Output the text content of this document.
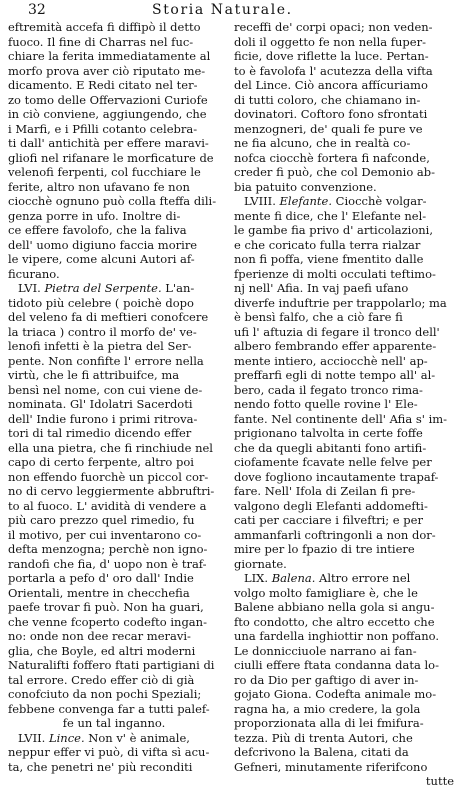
32	Storia Naturale.
eftremità accefa fi diffipò il detto
fuoco. Il fine di Charras nel fuc-
chiare la ferita immediatamente al
morfo prova aver ciò riputato me-
dicamento. E Redi citato nel ter-
zo tomo delle Offervazioni Curiofe
in ciò conviene, aggiungendo, che
i Marfi, e i Pfilli cotanto celebra-
ti dall' antichità per effere maravi-
gliofi nel rifanare le morficature de
velenofi ferpenti, col fucchiare le
ferite, altro non ufavano fe non
ciocchè ognuno può colla fteffa dili-
genza porre in ufo. Inoltre di-
ce effere favolofo, che la faliva
dell' uomo digiuno faccia morire
le vipere, come alcuni Autori af-
ficurano.
LVI. Pietra del Serpente. L'an-
tidoto più celebre ( poichè dopo
del veleno fa di meftieri conofcere
la triaca ) contro il morfo de' ve-
lenofi infetti è la pietra del Ser-
pente. Non confifte l' errore nella
virtù, che le fi attribuifce, ma
bensì nel nome, con cui viene de-
nominata. Gl' Idolatri Sacerdoti
dell' Indie furono i primi ritrova-
tori di tal rimedio dicendo effer
ella una pietra, che fi rinchiude nel
capo di certo ferpente, altro poi
non effendo fuorchè un piccol cor-
no di cervo leggiermente abbruftri-
to al fuoco. L' avidità di vendere a
più caro prezzo quel rimedio, fu
il motivo, per cui inventarono co-
defta menzogna; perchè non igno-
randofi che fia, d' uopo non è traf-
portarla a pefo d' oro dall' Indie
Orientali, mentre in checchefia
paefe trovar fi può. Non ha guari,
che venne fcoperto codefto ingan-
no: onde non dee recar meravi-
glia, che Boyle, ed altri moderni
Naturalifti foffero ftati partigiani di
tal errore. Credo effer ciò di già
conofciuto da non pochi Speziali;
febbene convenga far a tutti palef-
fe un tal inganno.
LVII. Lince. Non v' è animale,
neppur effer vi può, di vifta sì acu-
ta, che penetri ne' più reconditi
receffi de' corpi opaci; non veden-
doli il oggetto fe non nella fuper-
ficie, dove riflette la luce. Pertan-
to è favolofa l' acutezza della vifta
del Lince. Ciò ancora affícuriamo
di tutti coloro, che chiamano in-
dovinatori. Coftoro fono sfrontati
menzogneri, de' quali fe pure ve
ne fia alcuno, che in realtà co-
nofca ciocchè fortera fi nafconde,
creder fi può, che col Demonio ab-
bia patuito convenzione.
LVIII. Elefante. Ciocchè volgar-
mente fi dice, che l' Elefante nel-
le gambe fia privo d' articolazioni,
e che coricato fulla terra rialzar
non fi poffa, viene fmentito dalle
fperienze di molti occulati teftimo-
nj nell' Afia. In vaj paefi ufano
diverfe induftrie per trappolarlo; ma
è bensì falfo, che a ciò fare fi
ufi l' aftuzia di fegare il tronco dell'
albero fembrando effer apparente-
mente intiero, acciocchè nell' ap-
preffarfi egli di notte tempo all' al-
bero, cada il fegato tronco rima-
nendo fotto quelle rovine l' Ele-
fante. Nel continente dell' Afia s' im-
prigionano talvolta in certe foffe
che da quegli abitanti fono artifi-
ciofamente fcavate nelle felve per
dove fogliono incautamente trapaf-
fare. Nell' Ifola di Zeilan fi pre-
valgono degli Elefanti addomefti-
cati per cacciare i filveftri; e per
ammanfarli coftringonli a non dor-
mire per lo fpazio di tre intiere
giornate.
LIX. Balena. Altro errore nel
volgo molto famigliare è, che le
Balene abbiano nella gola si angu-
fto condotto, che altro eccetto che
una fardella inghiottir non poffano.
Le donnicciuole narrano ai fan-
ciulli effere ftata condanna data lo-
ro da Dio per gaftigo di aver in-
gojato Giona. Codefta animale mo-
ragna ha, a mio credere, la gola
proporzionata alla di lei fmifura-
tezza. Più di trenta Autori, che
defcrivono la Balena, citati da
Gefneri, minutamente riferifcono
tutte
